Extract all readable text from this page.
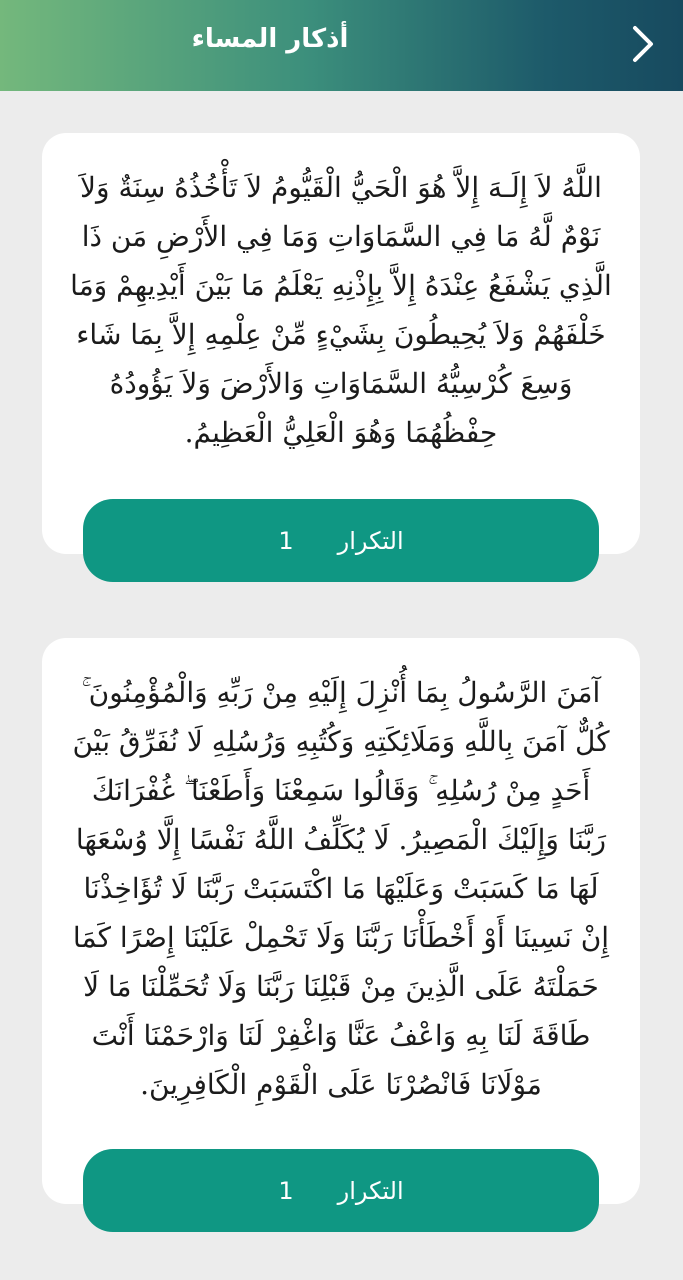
أذكار المساء
اللَّهُ لاَ إِلَـهَ إِلاَّ هُوَ الْحَيُّ الْقَيُّومُ لاَ تَأْخُذُهُ سِنَةٌ وَلاَ نَوْمٌ لَّهُ مَا فِي السَّمَاوَاتِ وَمَا فِي الأَرْضِ مَن ذَا الَّذِي يَشْفَعُ عِنْدَهُ إِلاَّ بِإِذْنِهِ يَعْلَمُ مَا بَيْنَ أَيْدِيهِمْ وَمَا خَلْفَهُمْ وَلاَ يُحِيطُونَ بِشَيْءٍ مِّنْ عِلْمِهِ إِلاَّ بِمَا شَاء وَسِعَ كُرْسِيُّهُ السَّمَاوَاتِ وَالأَرْضَ وَلاَ يَؤُودُهُ حِفْظُهُمَا وَهُوَ الْعَلِيُّ الْعَظِيمُ.
التكرار
1
آمَنَ الرَّسُولُ بِمَا أُنْزِلَ إِلَيْهِ مِنْ رَبِّهِ وَالْمُؤْمِنُونَ ۚ كُلٌّ آمَنَ بِاللَّهِ وَمَلَائِكَتِهِ وَكُتُبِهِ وَرُسُلِهِ لَا نُفَرِّقُ بَيْنَ أَحَدٍ مِنْ رُسُلِهِ ۚ وَقَالُوا سَمِعْنَا وَأَطَعْنَا ۖ غُفْرَانَكَ رَبَّنَا وَإِلَيْكَ الْمَصِيرُ. لَا يُكَلِّفُ اللَّهُ نَفْسًا إِلَّا وُسْعَهَا لَهَا مَا كَسَبَتْ وَعَلَيْهَا مَا اكْتَسَبَتْ رَبَّنَا لَا تُؤَاخِذْنَا إِنْ نَسِينَا أَوْ أَخْطَأْنَا رَبَّنَا وَلَا تَحْمِلْ عَلَيْنَا إِصْرًا كَمَا حَمَلْتَهُ عَلَى الَّذِينَ مِنْ قَبْلِنَا رَبَّنَا وَلَا تُحَمِّلْنَا مَا لَا طَاقَةَ لَنَا بِهِ وَاعْفُ عَنَّا وَاغْفِرْ لَنَا وَارْحَمْنَا أَنْتَ مَوْلَانَا فَانْصُرْنَا عَلَى الْقَوْمِ الْكَافِرِينَ.
التكرار
1
